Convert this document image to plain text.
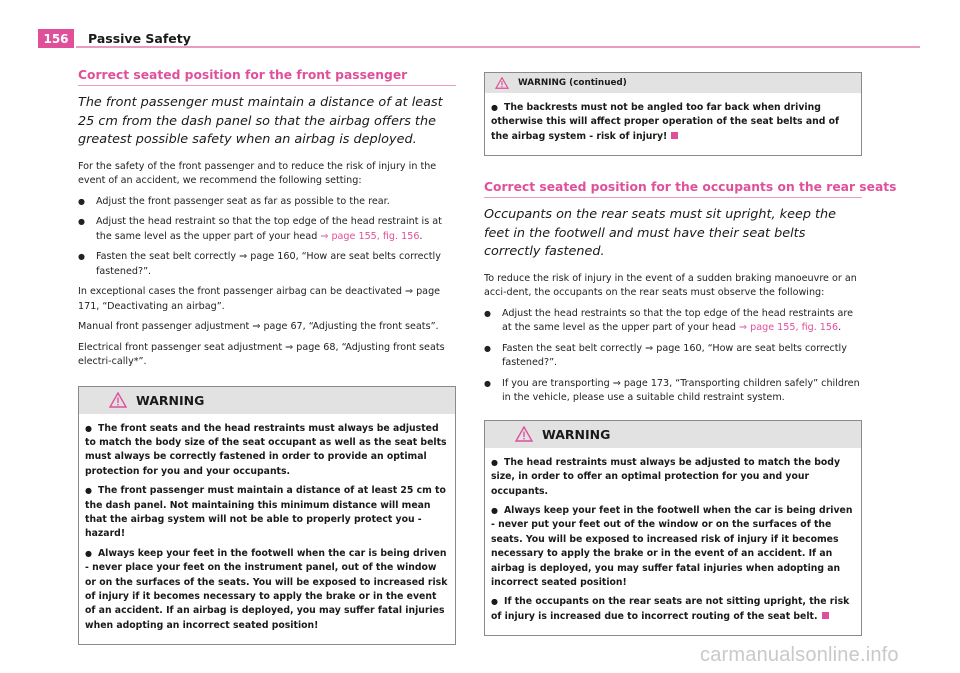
156	Passive Safety
Correct seated position for the front passenger
The front passenger must maintain a distance of at least 25 cm from the dash panel so that the airbag offers the greatest possible safety when an airbag is deployed.

For the safety of the front passenger and to reduce the risk of injury in the event of an accident, we recommend the following setting:

● Adjust the front passenger seat as far as possible to the rear.
● Adjust the head restraint so that the top edge of the head restraint is at the same level as the upper part of your head ⇒ page 155, fig. 156.
● Fasten the seat belt correctly ⇒ page 160, “How are seat belts correctly fastened?”.

In exceptional cases the front passenger airbag can be deactivated ⇒ page 171, “Deactivating an airbag”.

Manual front passenger adjustment ⇒ page 67, “Adjusting the front seats”.

Electrical front passenger seat adjustment ⇒ page 68, “Adjusting front seats electri-cally*”.

WARNING
● The front seats and the head restraints must always be adjusted to match the body size of the seat occupant as well as the seat belts must always be correctly fastened in order to provide an optimal protection for you and your occupants.
● The front passenger must maintain a distance of at least 25 cm to the dash panel. Not maintaining this minimum distance will mean that the airbag system will not be able to properly protect you - hazard!
● Always keep your feet in the footwell when the car is being driven - never place your feet on the instrument panel, out of the window or on the surfaces of the seats. You will be exposed to increased risk of injury if it becomes necessary to apply the brake or in the event of an accident. If an airbag is deployed, you may suffer fatal injuries when adopting an incorrect seated position!
WARNING (continued)
● The backrests must not be angled too far back when driving otherwise this will affect proper operation of the seat belts and of the airbag system - risk of injury!
Correct seated position for the occupants on the rear seats
Occupants on the rear seats must sit upright, keep the feet in the footwell and must have their seat belts correctly fastened.

To reduce the risk of injury in the event of a sudden braking manoeuvre or an acci-dent, the occupants on the rear seats must observe the following:

● Adjust the head restraints so that the top edge of the head restraints are at the same level as the upper part of your head ⇒ page 155, fig. 156.
● Fasten the seat belt correctly ⇒ page 160, “How are seat belts correctly fastened?”.
● If you are transporting ⇒ page 173, “Transporting children safely” children in the vehicle, please use a suitable child restraint system.
WARNING
● The head restraints must always be adjusted to match the body size, in order to offer an optimal protection for you and your occupants.
● Always keep your feet in the footwell when the car is being driven - never put your feet out of the window or on the surfaces of the seats. You will be exposed to increased risk of injury if it becomes necessary to apply the brake or in the event of an accident. If an airbag is deployed, you may suffer fatal injuries when adopting an incorrect seated position!
● If the occupants on the rear seats are not sitting upright, the risk of injury is increased due to incorrect routing of the seat belt.
carmanualsonline.info
